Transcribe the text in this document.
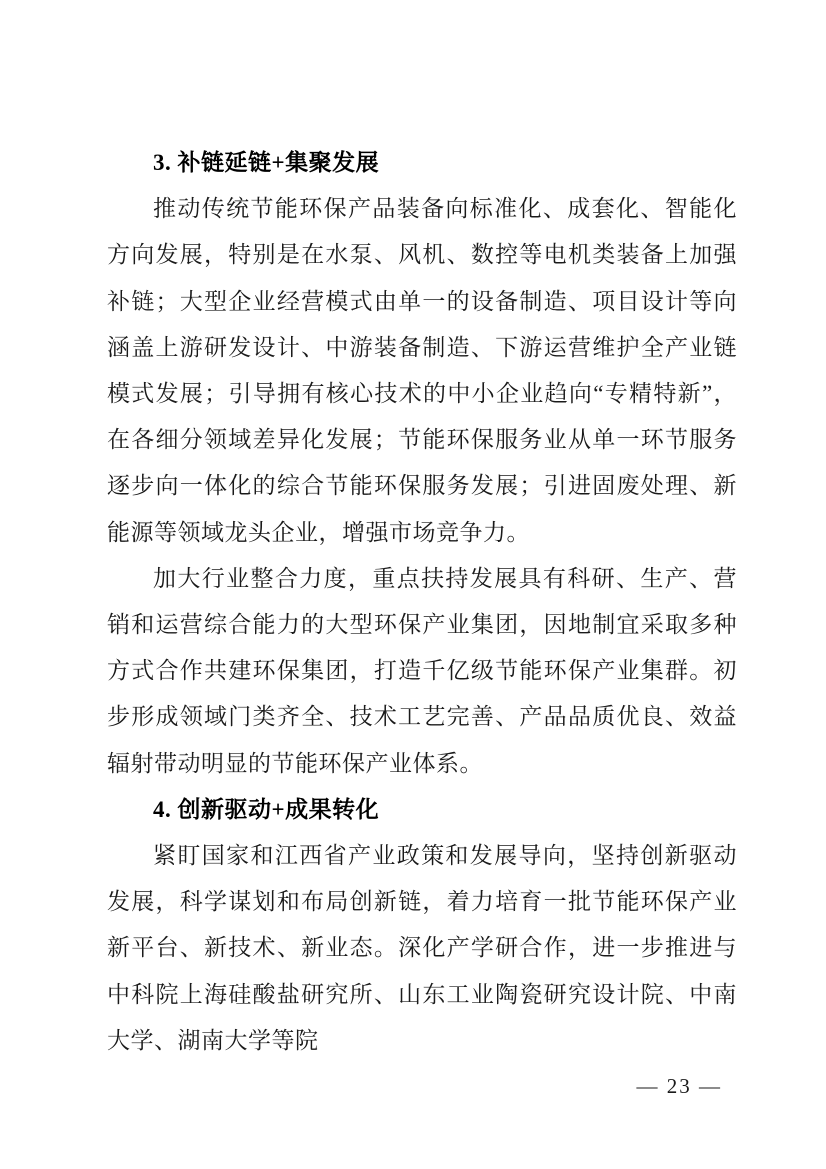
3. 补链延链+集聚发展

推动传统节能环保产品装备向标准化、成套化、智能化方向发展，特别是在水泵、风机、数控等电机类装备上加强补链；大型企业经营模式由单一的设备制造、项目设计等向涵盖上游研发设计、中游装备制造、下游运营维护全产业链模式发展；引导拥有核心技术的中小企业趋向“专精特新”，在各细分领域差异化发展；节能环保服务业从单一环节服务逐步向一体化的综合节能环保服务发展；引进固废处理、新能源等领域龙头企业，增强市场竞争力。

加大行业整合力度，重点扶持发展具有科研、生产、营销和运营综合能力的大型环保产业集团，因地制宜采取多种方式合作共建环保集团，打造千亿级节能环保产业集群。初步形成领域门类齐全、技术工艺完善、产品品质优良、效益辐射带动明显的节能环保产业体系。

4. 创新驱动+成果转化

紧盯国家和江西省产业政策和发展导向，坚持创新驱动发展，科学谋划和布局创新链，着力培育一批节能环保产业新平台、新技术、新业态。深化产学研合作，进一步推进与中科院上海硅酸盐研究所、山东工业陶瓷研究设计院、中南大学、湖南大学等院

— 23 —
